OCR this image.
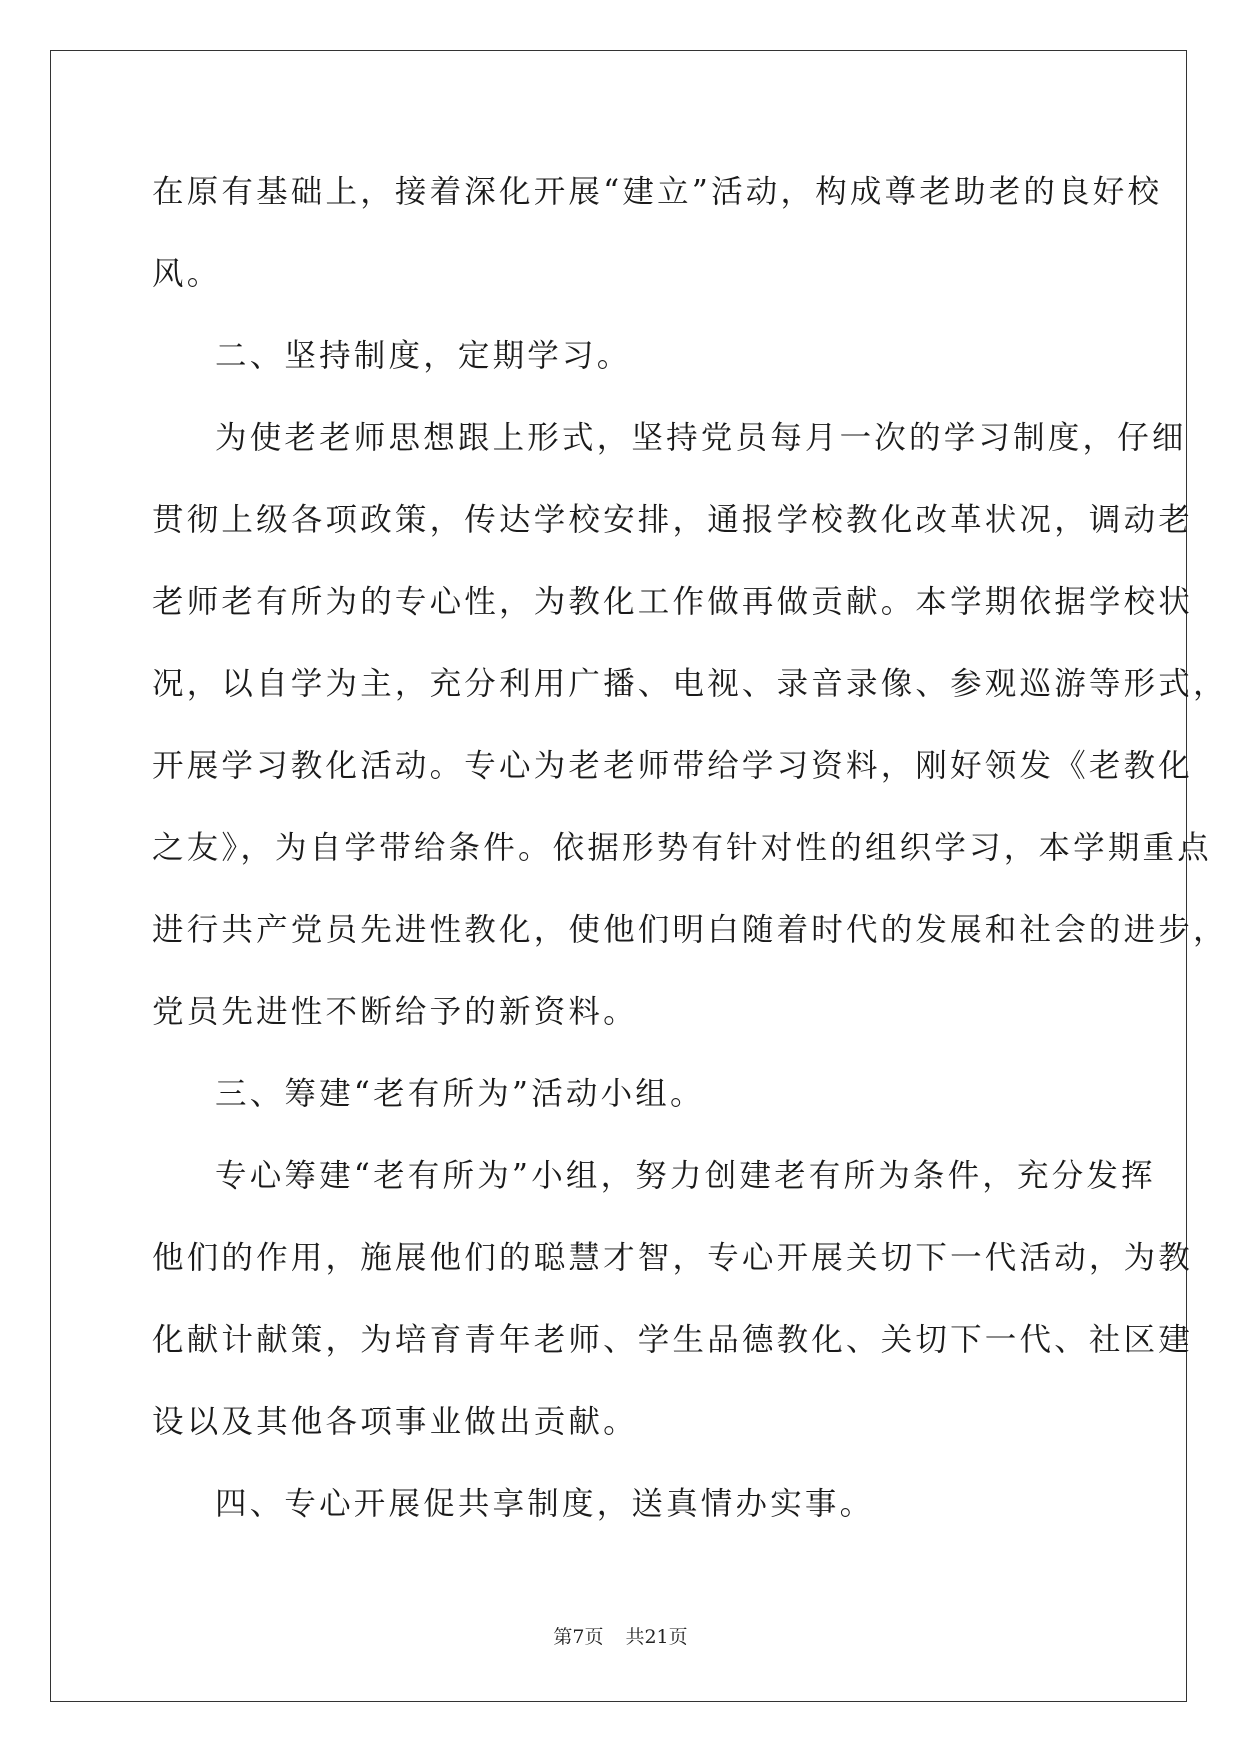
在原有基础上，接着深化开展“建立”活动，构成尊老助老的良好校
风。
二、坚持制度，定期学习。
为使老老师思想跟上形式，坚持党员每月一次的学习制度，仔细
贯彻上级各项政策，传达学校安排，通报学校教化改革状况，调动老
老师老有所为的专心性，为教化工作做再做贡献。本学期依据学校状
况，以自学为主，充分利用广播、电视、录音录像、参观巡游等形式，
开展学习教化活动。专心为老老师带给学习资料，刚好领发《老教化
之友》，为自学带给条件。依据形势有针对性的组织学习，本学期重点
进行共产党员先进性教化，使他们明白随着时代的发展和社会的进步，
党员先进性不断给予的新资料。
三、筹建“老有所为”活动小组。
专心筹建“老有所为”小组，努力创建老有所为条件，充分发挥
他们的作用，施展他们的聪慧才智，专心开展关切下一代活动，为教
化献计献策，为培育青年老师、学生品德教化、关切下一代、社区建
设以及其他各项事业做出贡献。
四、专心开展促共享制度，送真情办实事。
第7页 共21页
